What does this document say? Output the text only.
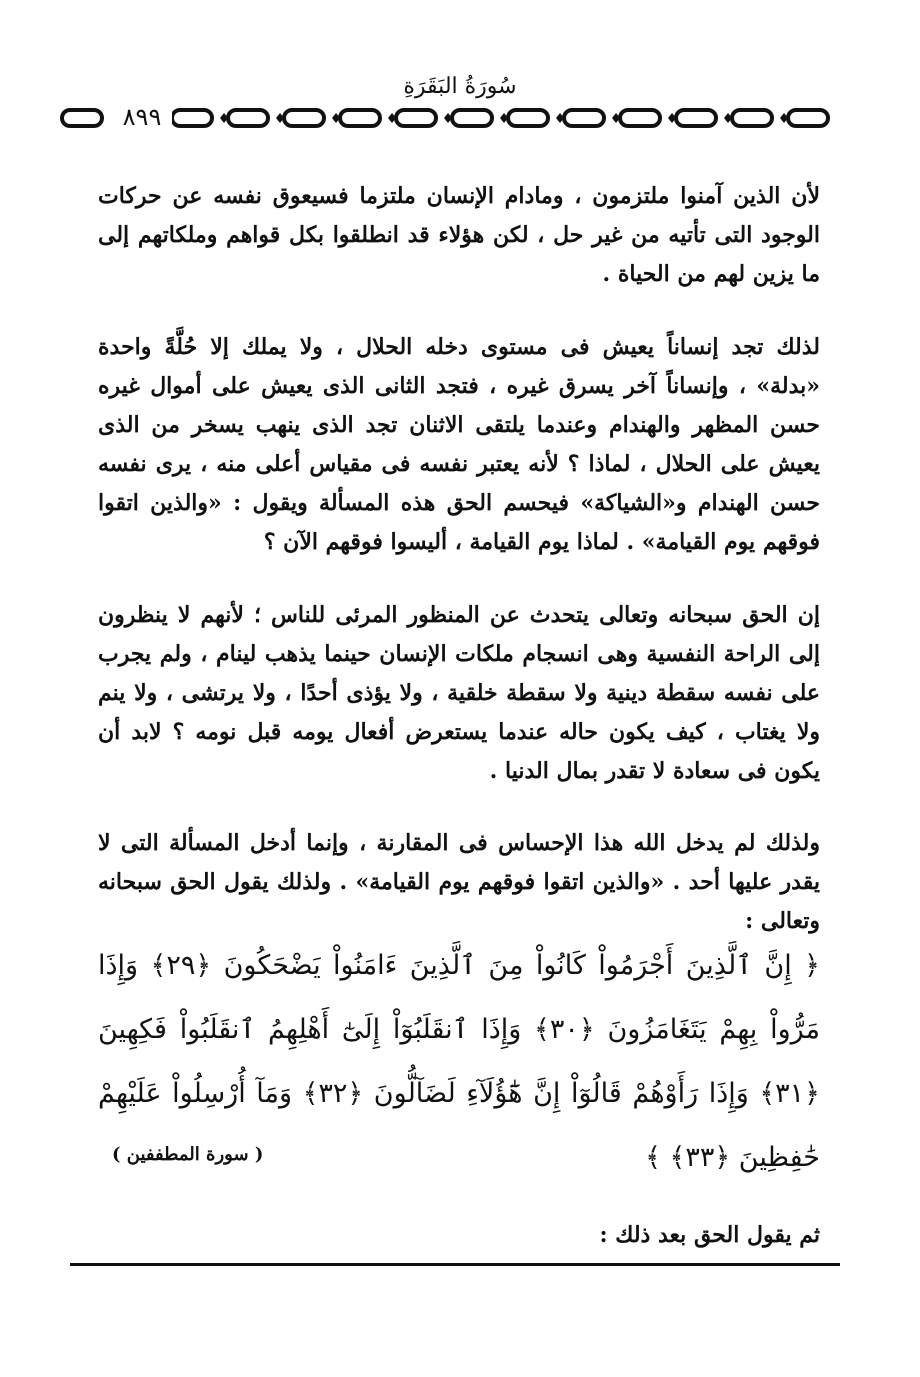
سُورَةُ البَقَرَةِ
٨٩٩

لأن الذين آمنوا ملتزمون ، ومادام الإنسان ملتزما فسيعوق نفسه عن حركات الوجود التى تأتيه من غير حل ، لكن هؤلاء قد انطلقوا بكل قواهم وملكاتهم إلى ما يزين لهم من الحياة .

لذلك تجد إنساناً يعيش فى مستوى دخله الحلال ، ولا يملك إلا حُلَّةً واحدة «بدلة» ، وإنساناً آخر يسرق غيره ، فتجد الثانى الذى يعيش على أموال غيره حسن المظهر والهندام وعندما يلتقى الاثنان تجد الذى ينهب يسخر من الذى يعيش على الحلال ، لماذا ؟ لأنه يعتبر نفسه فى مقياس أعلى منه ، يرى نفسه حسن الهندام و«الشياكة» فيحسم الحق هذه المسألة ويقول : «والذين اتقوا فوقهم يوم القيامة» . لماذا يوم القيامة ، أليسوا فوقهم الآن ؟

إن الحق سبحانه وتعالى يتحدث عن المنظور المرئى للناس ؛ لأنهم لا ينظرون إلى الراحة النفسية وهى انسجام ملكات الإنسان حينما يذهب لينام ، ولم يجرب على نفسه سقطة دينية ولا سقطة خلقية ، ولا يؤذى أحدًا ، ولا يرتشى ، ولا ينم ولا يغتاب ، كيف يكون حاله عندما يستعرض أفعال يومه قبل نومه ؟ لابد أن يكون فى سعادة لا تقدر بمال الدنيا .

ولذلك لم يدخل الله هذا الإحساس فى المقارنة ، وإنما أدخل المسألة التى لا يقدر عليها أحد . «والذين اتقوا فوقهم يوم القيامة» . ولذلك يقول الحق سبحانه وتعالى :

﴿ إِنَّ ٱلَّذِينَ أَجْرَمُواْ كَانُواْ مِنَ ٱلَّذِينَ ءَامَنُواْ يَضْحَكُونَ ﴿٢٩﴾ وَإِذَا مَرُّواْ بِهِمْ يَتَغَامَزُونَ ﴿٣٠﴾ وَإِذَا ٱنقَلَبُوٓاْ إِلَىٰٓ أَهْلِهِمُ ٱنقَلَبُواْ فَكِهِينَ ﴿٣١﴾ وَإِذَا رَأَوْهُمْ قَالُوٓاْ إِنَّ هَٰٓؤُلَآءِ لَضَآلُّونَ ﴿٣٢﴾ وَمَآ أُرْسِلُواْ عَلَيْهِمْ حَٰفِظِينَ ﴿٣٣﴾ ﴾
( سورة المطففين )

ثم يقول الحق بعد ذلك :
